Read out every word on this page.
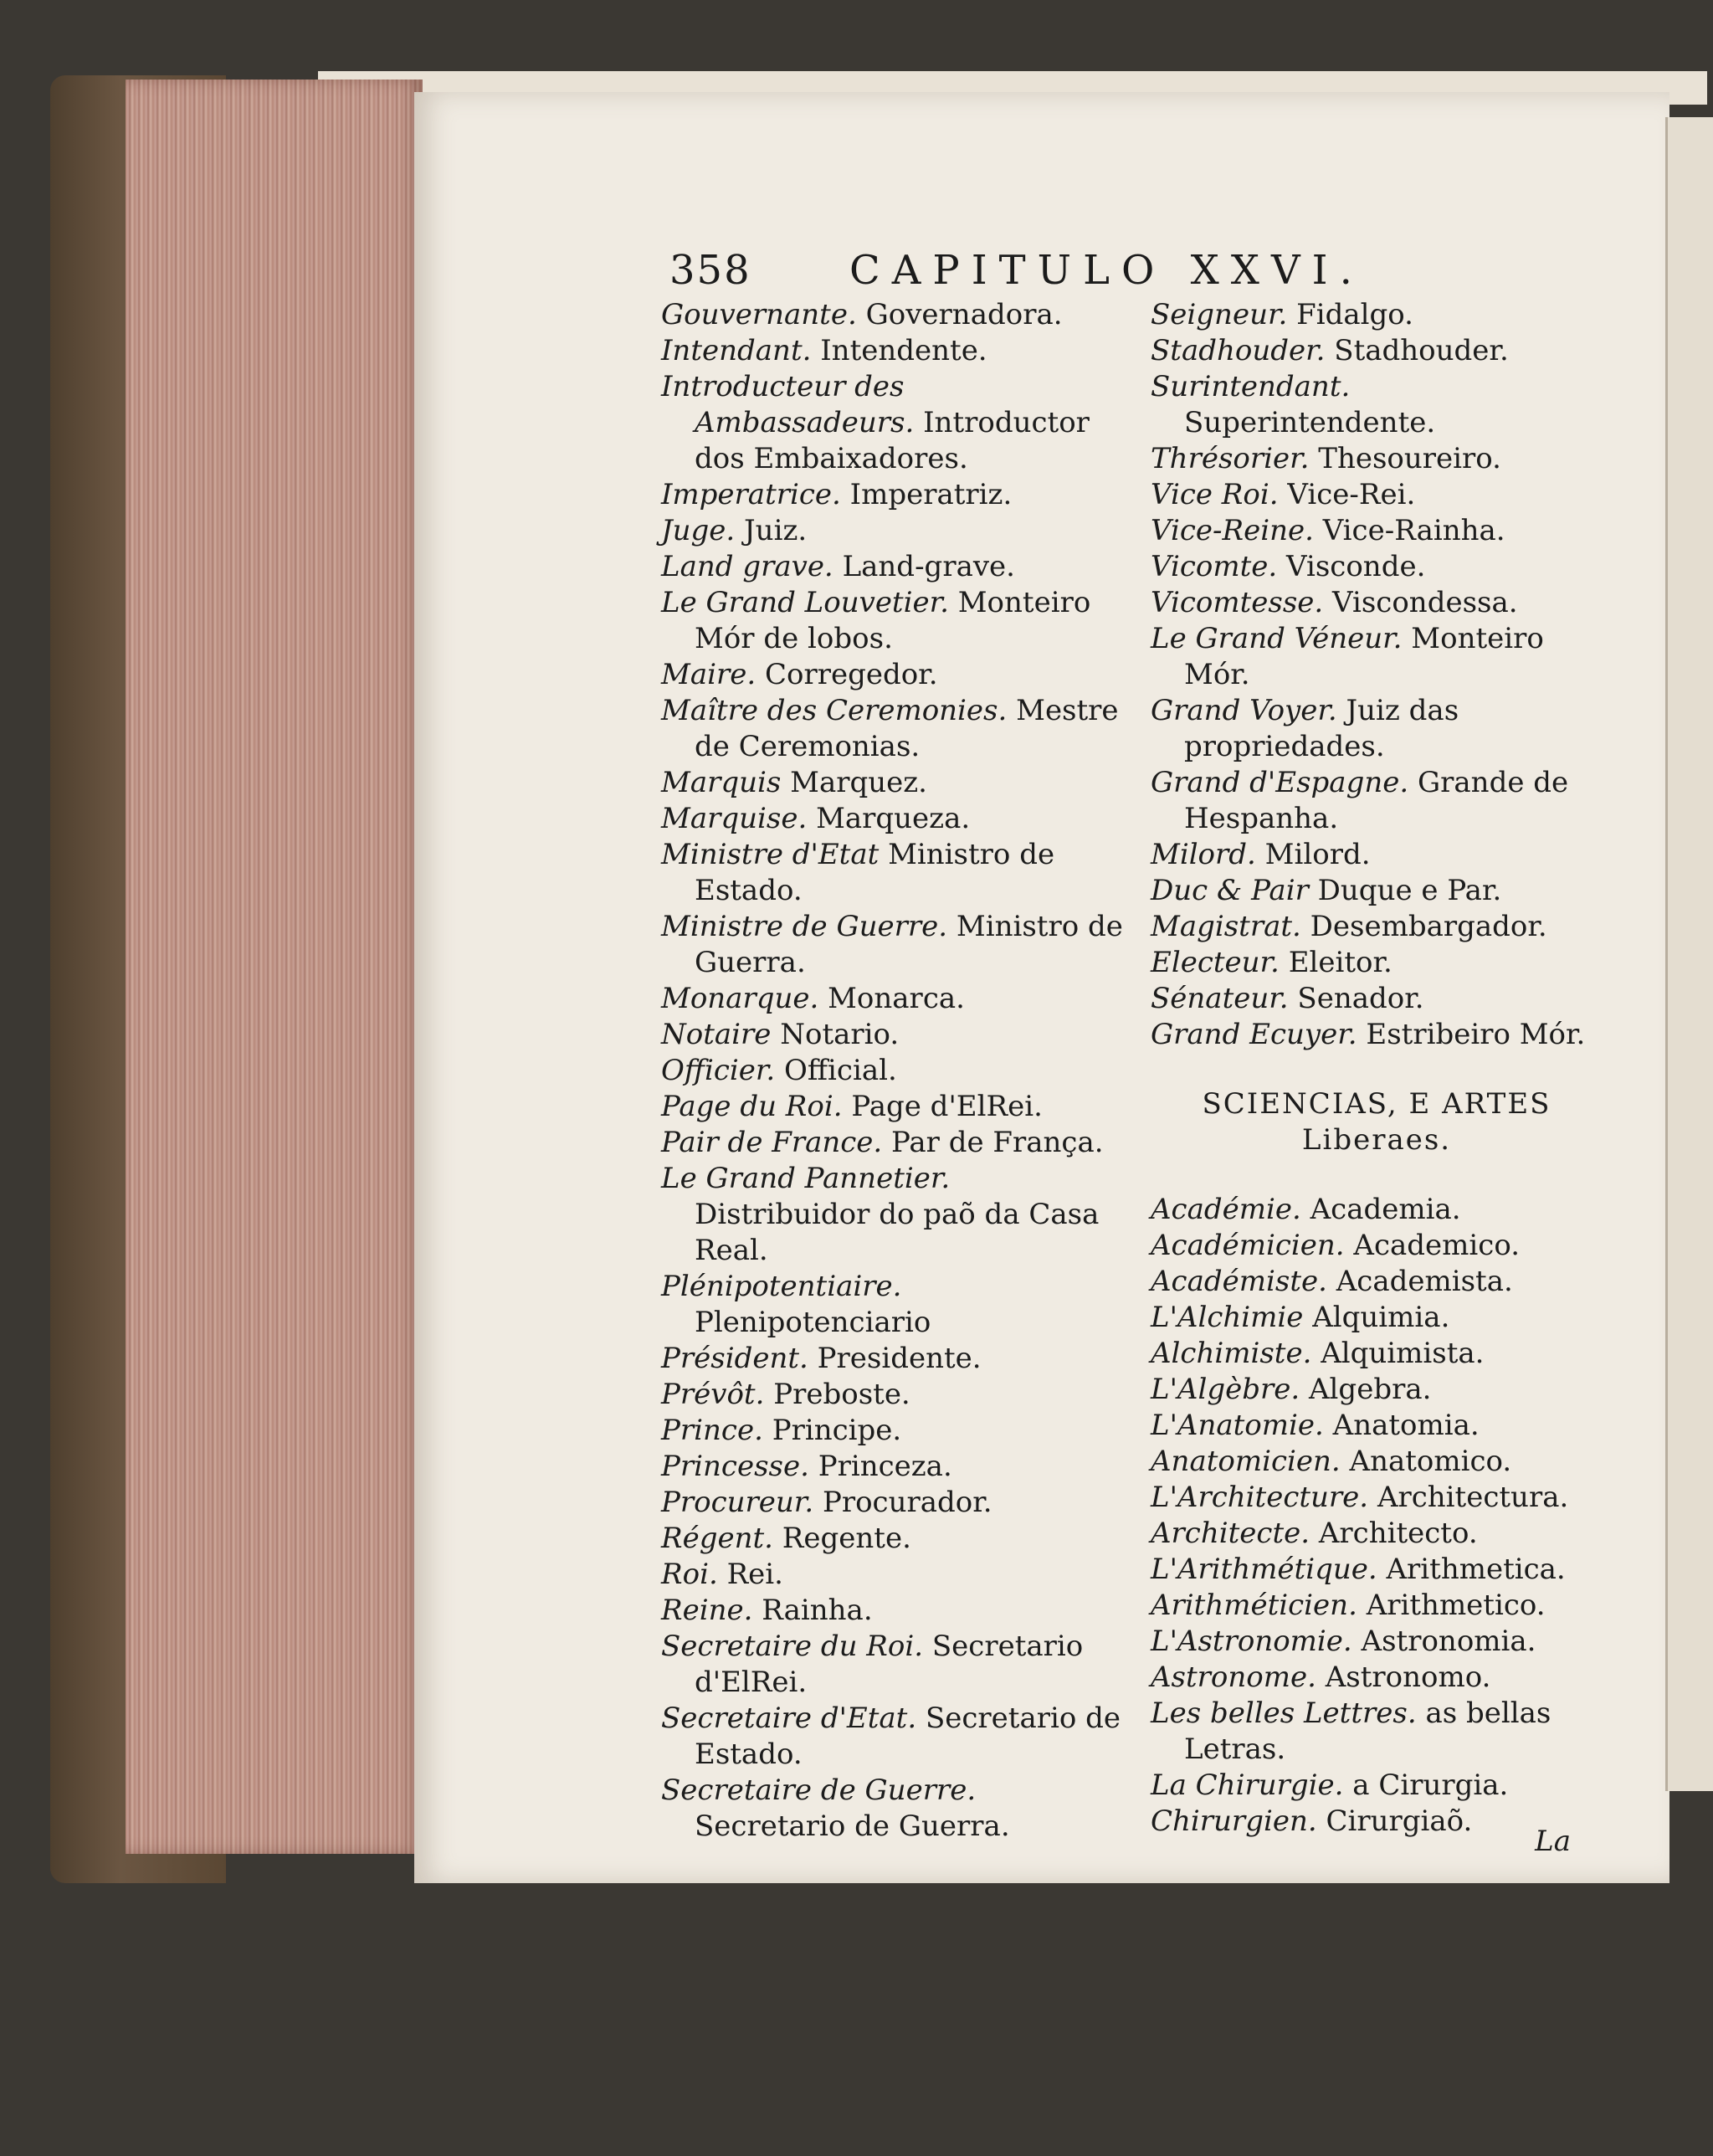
358 CAPITULO XXVI.
Gouvernante. Governadora.
Intendant. Intendente.
Introducteur des Ambassadeurs. Introductor dos Embaixadores.
Imperatrice. Imperatriz.
Juge. Juiz.
Land grave. Land-grave.
Le Grand Louvetier. Monteiro Mór de lobos.
Maire. Corregedor.
Maître des Ceremonies. Mestre de Ceremonias.
Marquis Marquez.
Marquise. Marqueza.
Ministre d'Etat Ministro de Estado.
Ministre de Guerre. Ministro de Guerra.
Monarque. Monarca.
Notaire Notario.
Officier. Official.
Page du Roi. Page d'ElRei.
Pair de France. Par de França.
Le Grand Pannetier. Distribuidor do paõ da Casa Real.
Plénipotentiaire. Plenipotenciario
Président. Presidente.
Prévôt. Preboste.
Prince. Principe.
Princesse. Princeza.
Procureur. Procurador.
Régent. Regente.
Roi. Rei.
Reine. Rainha.
Secretaire du Roi. Secretario d'ElRei.
Secretaire d'Etat. Secretario de Estado.
Secretaire de Guerre. Secretario de Guerra.
Seigneur. Fidalgo.
Stadhouder. Stadhouder.
Surintendant. Superintendente.
Thrésorier. Thesoureiro.
Vice Roi. Vice-Rei.
Vice-Reine. Vice-Rainha.
Vicomte. Visconde.
Vicomtesse. Viscondessa.
Le Grand Véneur. Monteiro Mór.
Grand Voyer. Juiz das propriedades.
Grand d'Espagne. Grande de Hespanha.
Milord. Milord.
Duc & Pair Duque e Par.
Magistrat. Desembargador.
Electeur. Eleitor.
Sénateur. Senador.
Grand Ecuyer. Estribeiro Mór.
SCIENCIAS, E ARTES
Liberaes.
Académie. Academia.
Académicien. Academico.
Académiste. Academista.
L'Alchimie Alquimia.
Alchimiste. Alquimista.
L'Algèbre. Algebra.
L'Anatomie. Anatomia.
Anatomicien. Anatomico.
L'Architecture. Architectura.
Architecte. Architecto.
L'Arithmétique. Arithmetica.
Arithméticien. Arithmetico.
L'Astronomie. Astronomia.
Astronome. Astronomo.
Les belles Lettres. as bellas Letras.
La Chirurgie. a Cirurgia.
Chirurgien. Cirurgiaõ.
La
